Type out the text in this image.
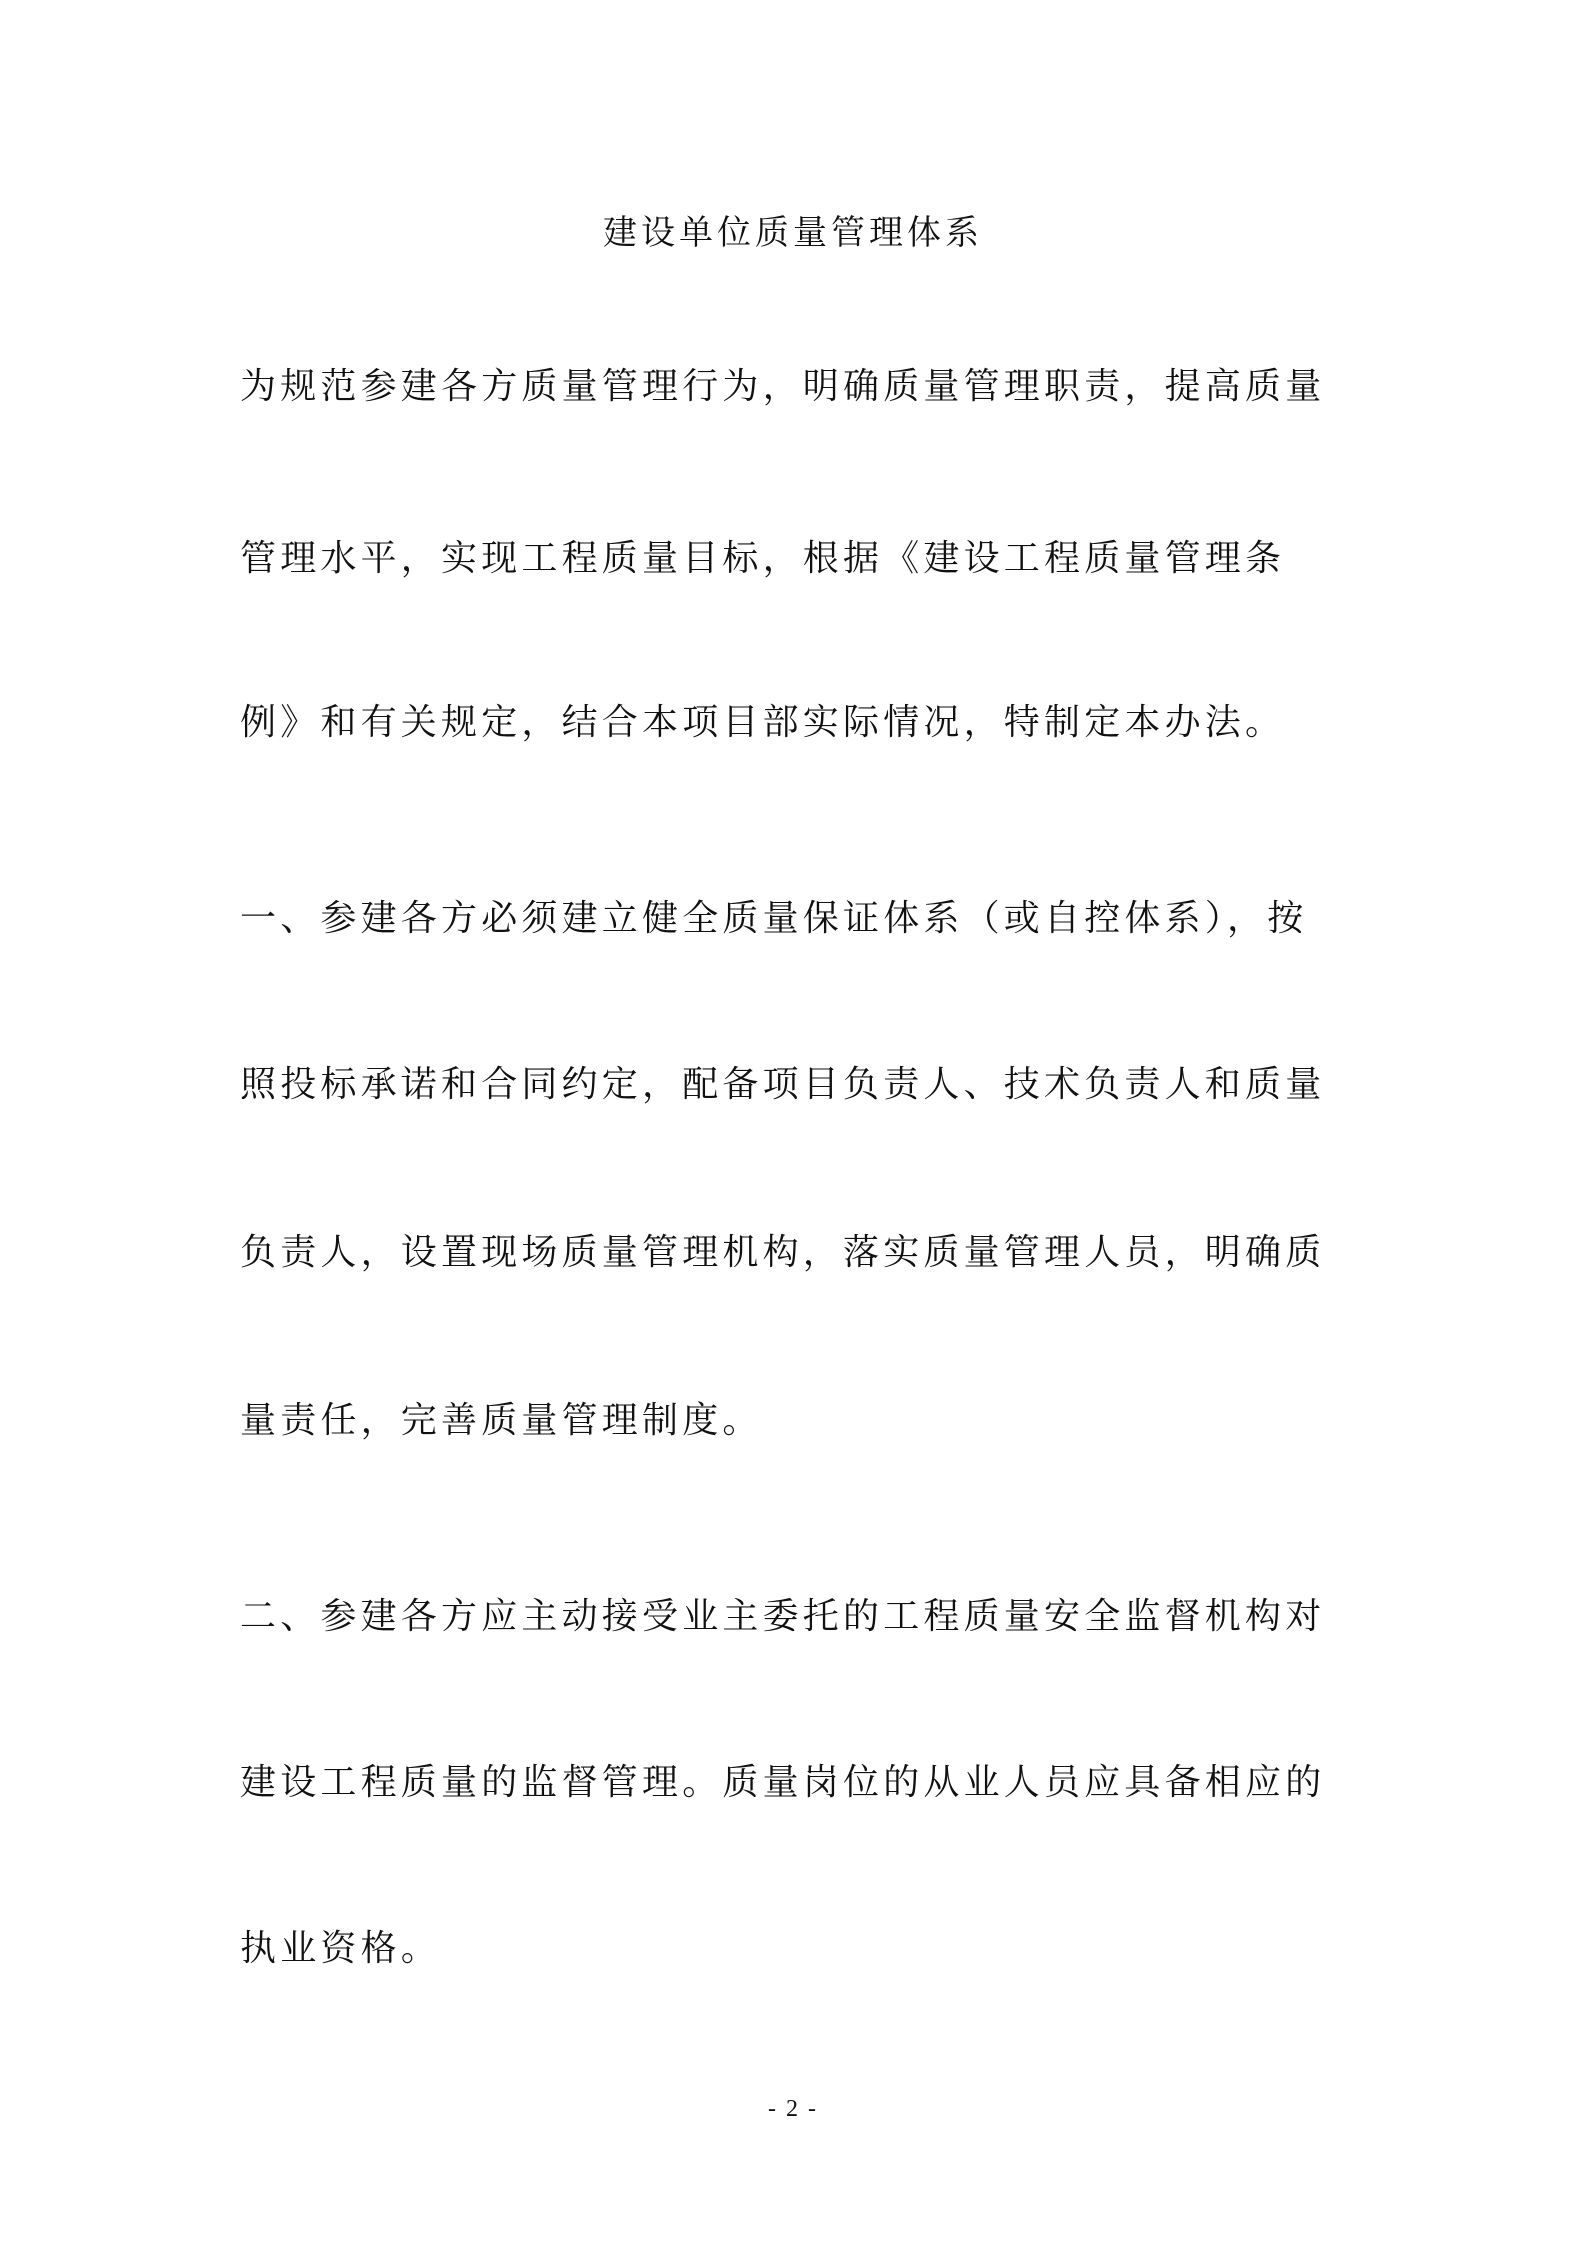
建设单位质量管理体系
为规范参建各方质量管理行为，明确质量管理职责，提高质量
管理水平，实现工程质量目标，根据《建设工程质量管理条
例》和有关规定，结合本项目部实际情况，特制定本办法。
一、参建各方必须建立健全质量保证体系（或自控体系），按
照投标承诺和合同约定，配备项目负责人、技术负责人和质量
负责人，设置现场质量管理机构，落实质量管理人员，明确质
量责任，完善质量管理制度。
二、参建各方应主动接受业主委托的工程质量安全监督机构对
建设工程质量的监督管理。质量岗位的从业人员应具备相应的
执业资格。
- 2 -
